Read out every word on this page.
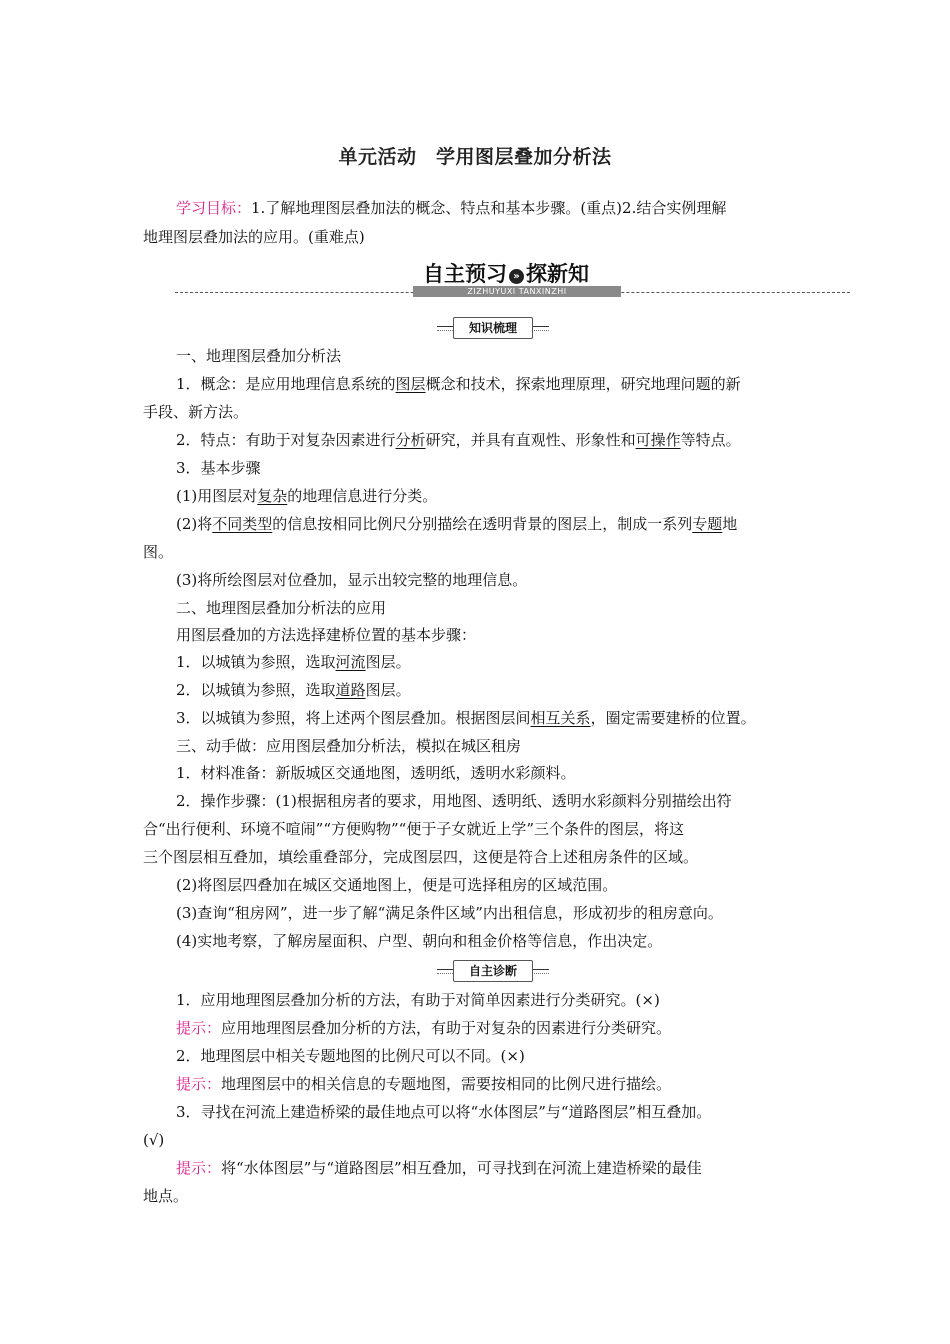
单元活动　学用图层叠加分析法
学习目标：1.了解地理图层叠加法的概念、特点和基本步骤。(重点)2.结合实例理解
地理图层叠加法的应用。(重难点)
自主预习 » 探新知
ZIZHUYUXI TANXINZHI
知识梳理
一、地理图层叠加分析法
1．概念：是应用地理信息系统的图层概念和技术，探索地理原理，研究地理问题的新
手段、新方法。
2．特点：有助于对复杂因素进行分析研究，并具有直观性、形象性和可操作等特点。
3．基本步骤
(1)用图层对复杂的地理信息进行分类。
(2)将不同类型的信息按相同比例尺分别描绘在透明背景的图层上，制成一系列专题地
图。
(3)将所绘图层对位叠加，显示出较完整的地理信息。
二、地理图层叠加分析法的应用
用图层叠加的方法选择建桥位置的基本步骤：
1．以城镇为参照，选取河流图层。
2．以城镇为参照，选取道路图层。
3．以城镇为参照，将上述两个图层叠加。根据图层间相互关系，圈定需要建桥的位置。
三、动手做：应用图层叠加分析法，模拟在城区租房
1．材料准备：新版城区交通地图，透明纸，透明水彩颜料。
2．操作步骤：(1)根据租房者的要求，用地图、透明纸、透明水彩颜料分别描绘出符
合“出行便利、环境不喧闹”“方便购物”“便于子女就近上学”三个条件的图层，将这
三个图层相互叠加，填绘重叠部分，完成图层四，这便是符合上述租房条件的区域。
(2)将图层四叠加在城区交通地图上，便是可选择租房的区域范围。
(3)查询“租房网”，进一步了解“满足条件区域”内出租信息，形成初步的租房意向。
(4)实地考察，了解房屋面积、户型、朝向和租金价格等信息，作出决定。
自主诊断
1．应用地理图层叠加分析的方法，有助于对简单因素进行分类研究。(×)
提示：应用地理图层叠加分析的方法，有助于对复杂的因素进行分类研究。
2．地理图层中相关专题地图的比例尺可以不同。(×)
提示：地理图层中的相关信息的专题地图，需要按相同的比例尺进行描绘。
3．寻找在河流上建造桥梁的最佳地点可以将“水体图层”与“道路图层”相互叠加。
(√)
提示：将“水体图层”与“道路图层”相互叠加，可寻找到在河流上建造桥梁的最佳
地点。
